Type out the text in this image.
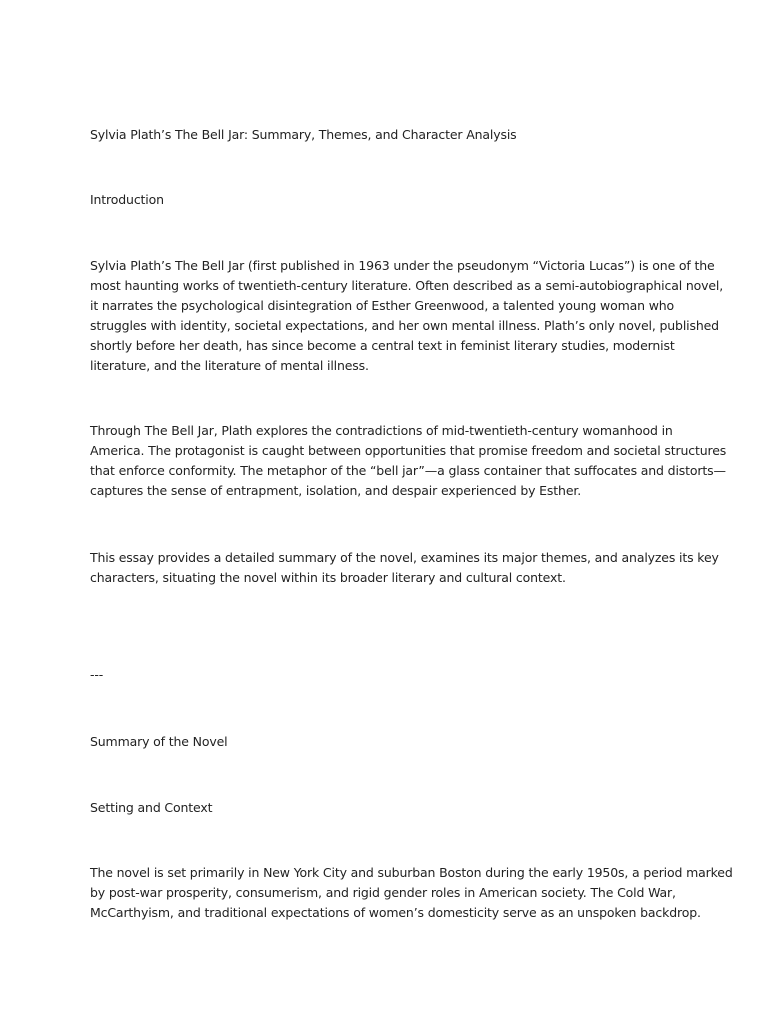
Sylvia Plath’s The Bell Jar: Summary, Themes, and Character Analysis

Introduction

Sylvia Plath’s The Bell Jar (first published in 1963 under the pseudonym “Victoria Lucas”) is one of the
most haunting works of twentieth-century literature. Often described as a semi-autobiographical novel,
it narrates the psychological disintegration of Esther Greenwood, a talented young woman who
struggles with identity, societal expectations, and her own mental illness. Plath’s only novel, published
shortly before her death, has since become a central text in feminist literary studies, modernist
literature, and the literature of mental illness.
Through The Bell Jar, Plath explores the contradictions of mid-twentieth-century womanhood in
America. The protagonist is caught between opportunities that promise freedom and societal structures
that enforce conformity. The metaphor of the “bell jar”—a glass container that suffocates and distorts—
captures the sense of entrapment, isolation, and despair experienced by Esther.
This essay provides a detailed summary of the novel, examines its major themes, and analyzes its key
characters, situating the novel within its broader literary and cultural context.

---

Summary of the Novel

Setting and Context

The novel is set primarily in New York City and suburban Boston during the early 1950s, a period marked
by post-war prosperity, consumerism, and rigid gender roles in American society. The Cold War,
McCarthyism, and traditional expectations of women’s domesticity serve as an unspoken backdrop.
